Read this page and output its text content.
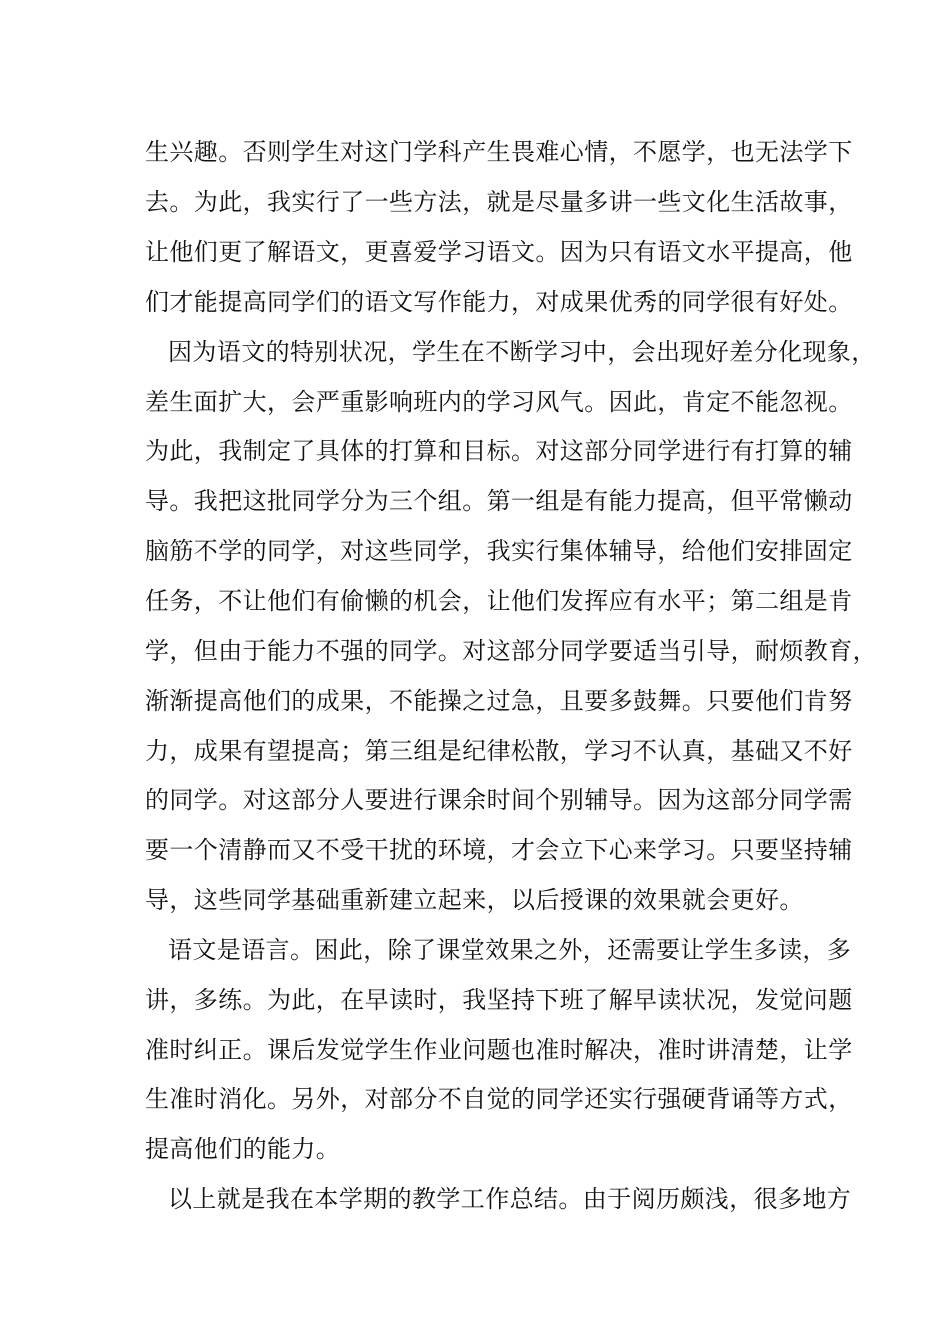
生兴趣。否则学生对这门学科产生畏难心情，不愿学，也无法学下
去。为此，我实行了一些方法，就是尽量多讲一些文化生活故事，
让他们更了解语文，更喜爱学习语文。因为只有语文水平提高，他
们才能提高同学们的语文写作能力，对成果优秀的同学很有好处。
因为语文的特别状况，学生在不断学习中，会出现好差分化现象，
差生面扩大，会严重影响班内的学习风气。因此，肯定不能忽视。
为此，我制定了具体的打算和目标。对这部分同学进行有打算的辅
导。我把这批同学分为三个组。第一组是有能力提高，但平常懒动
脑筋不学的同学，对这些同学，我实行集体辅导，给他们安排固定
任务，不让他们有偷懒的机会，让他们发挥应有水平；第二组是肯
学，但由于能力不强的同学。对这部分同学要适当引导，耐烦教育，
渐渐提高他们的成果，不能操之过急，且要多鼓舞。只要他们肯努
力，成果有望提高；第三组是纪律松散，学习不认真，基础又不好
的同学。对这部分人要进行课余时间个别辅导。因为这部分同学需
要一个清静而又不受干扰的环境，才会立下心来学习。只要坚持辅
导，这些同学基础重新建立起来，以后授课的效果就会更好。
语文是语言。困此，除了课堂效果之外，还需要让学生多读，多
讲，多练。为此，在早读时，我坚持下班了解早读状况，发觉问题
准时纠正。课后发觉学生作业问题也准时解决，准时讲清楚，让学
生准时消化。另外，对部分不自觉的同学还实行强硬背诵等方式，
提高他们的能力。
以上就是我在本学期的教学工作总结。由于阅历颇浅，很多地方
